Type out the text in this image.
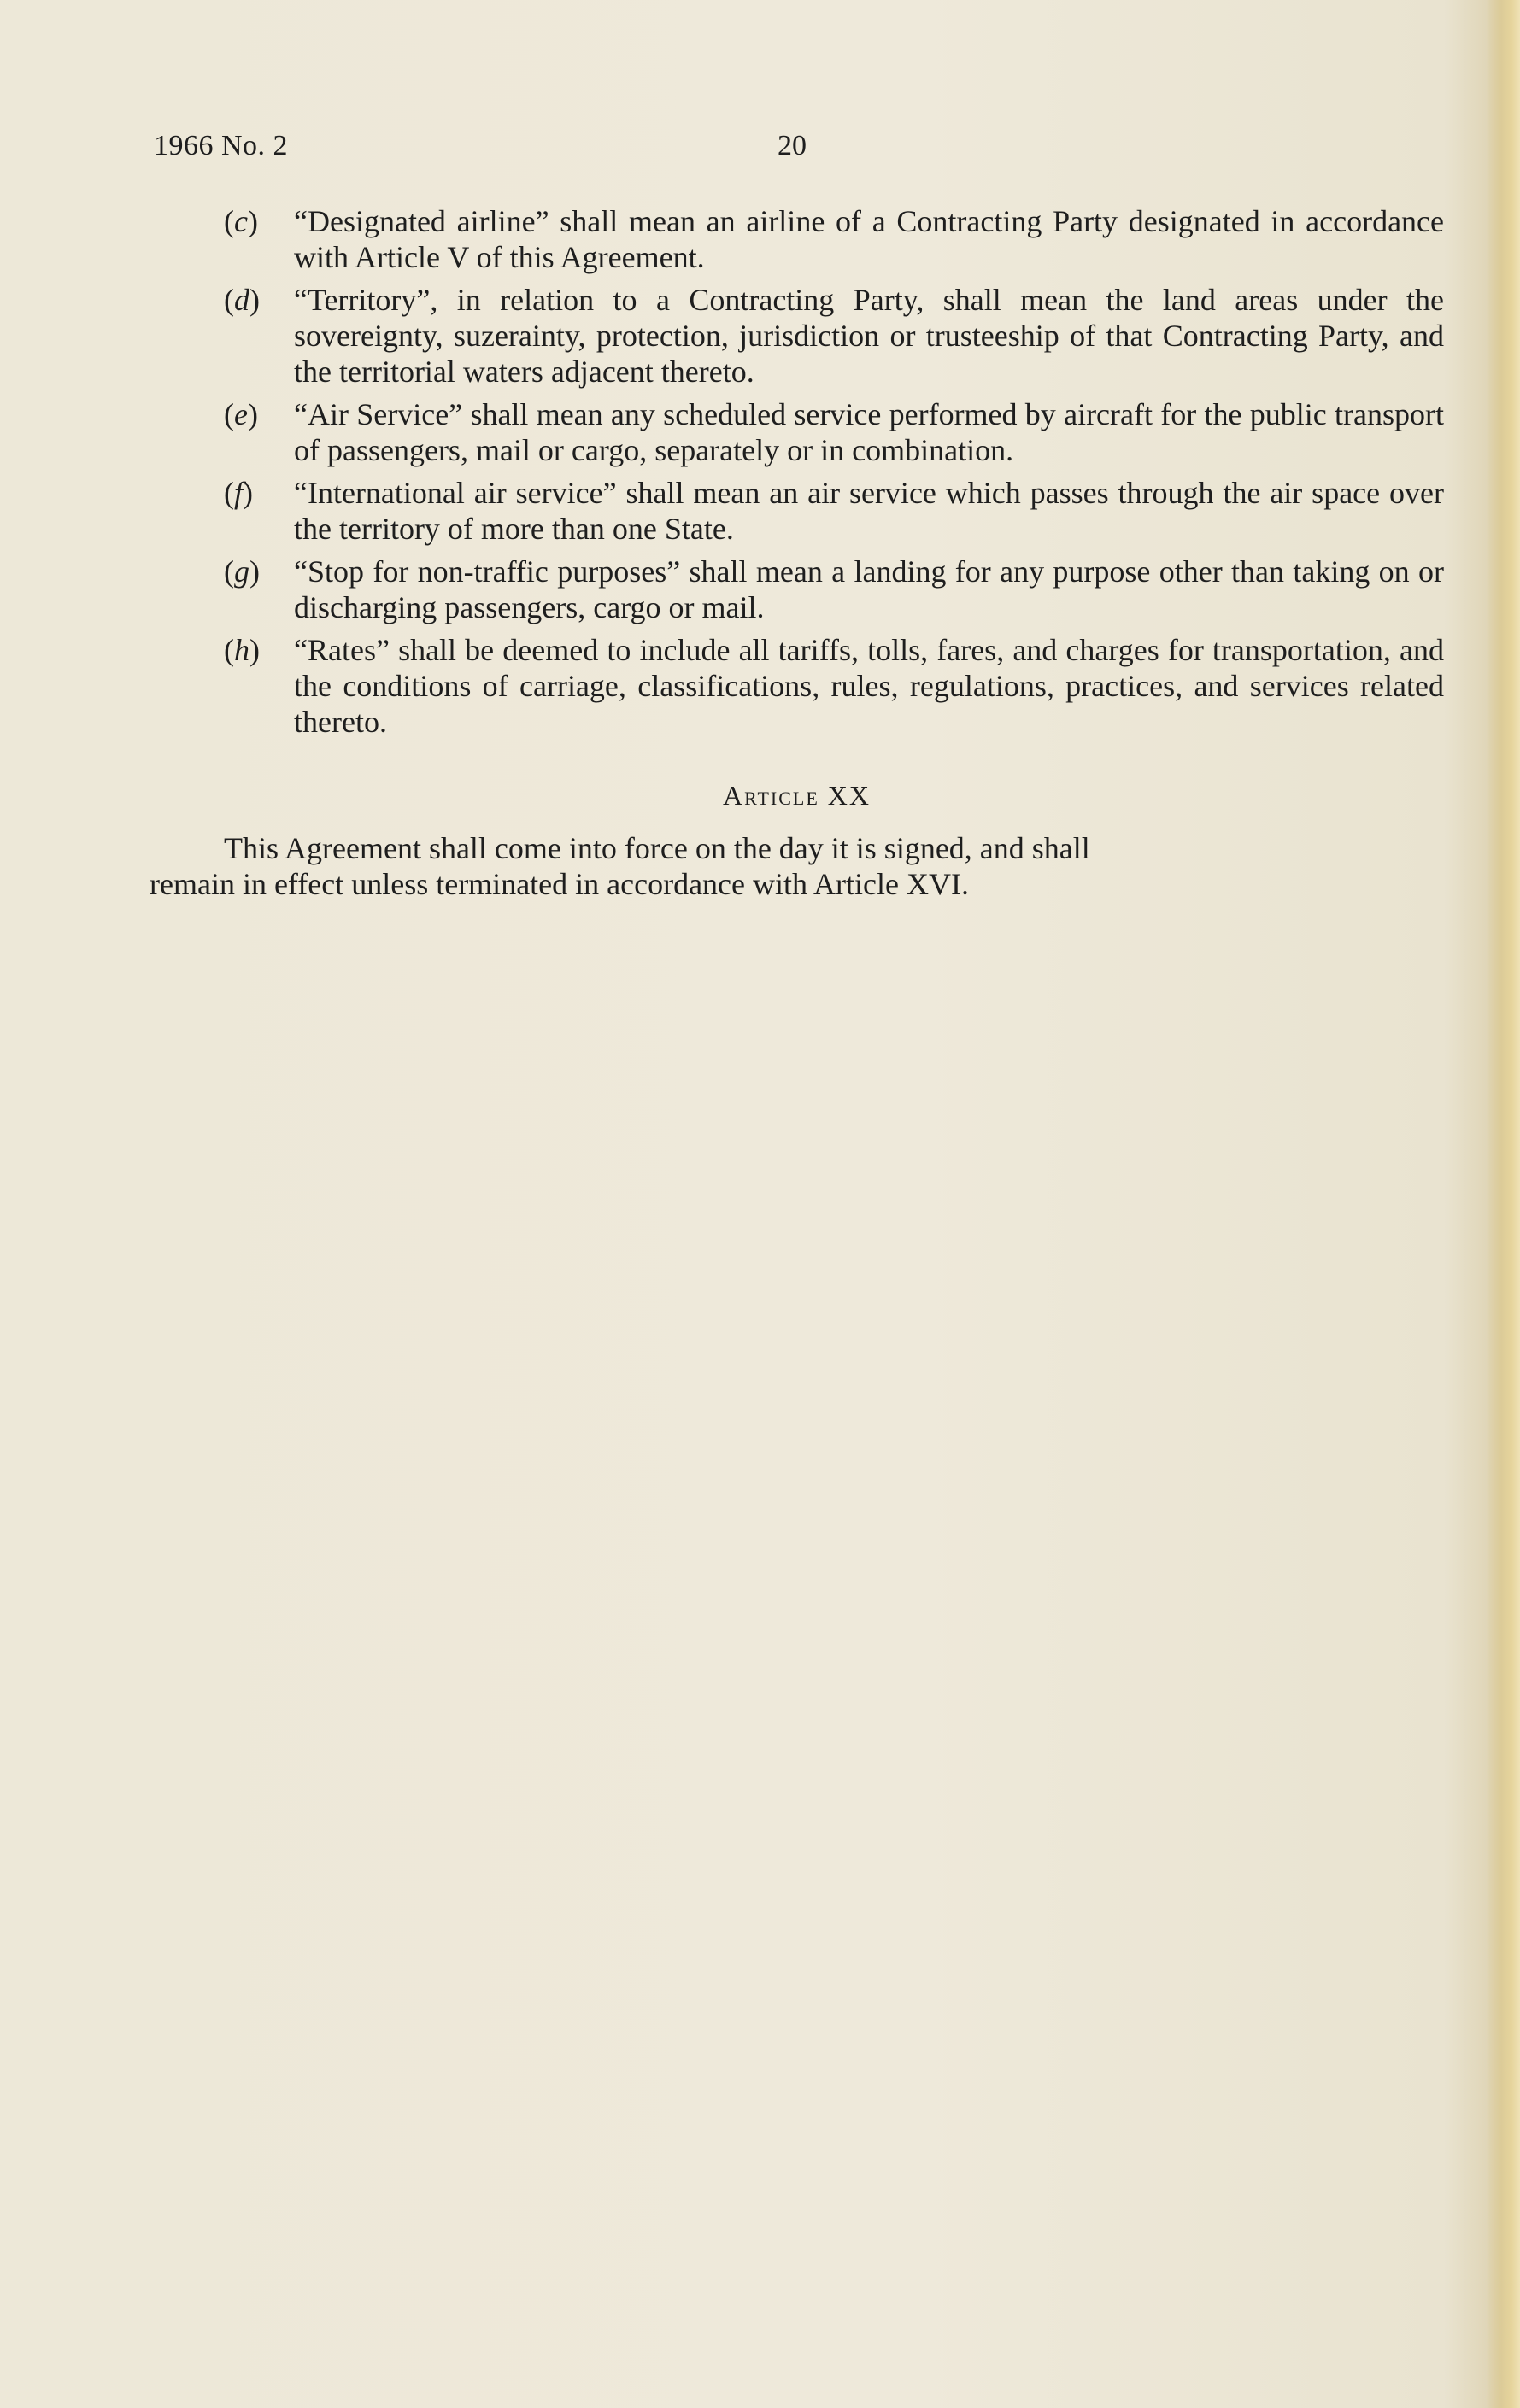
1966 No. 2	20
(c) “Designated airline” shall mean an airline of a Contracting Party designated in accordance with Article V of this Agreement.
(d) “Territory”, in relation to a Contracting Party, shall mean the land areas under the sovereignty, suzerainty, protection, jurisdiction or trusteeship of that Contracting Party, and the territorial waters adjacent thereto.
(e) “Air Service” shall mean any scheduled service performed by aircraft for the public transport of passengers, mail or cargo, separately or in combination.
(f) “International air service” shall mean an air service which passes through the air space over the territory of more than one State.
(g) “Stop for non-traffic purposes” shall mean a landing for any purpose other than taking on or discharging passengers, cargo or mail.
(h) “Rates” shall be deemed to include all tariffs, tolls, fares, and charges for transportation, and the conditions of carriage, classifications, rules, regulations, practices, and services related thereto.
Article XX
This Agreement shall come into force on the day it is signed, and shall
remain in effect unless terminated in accordance with Article XVI.
